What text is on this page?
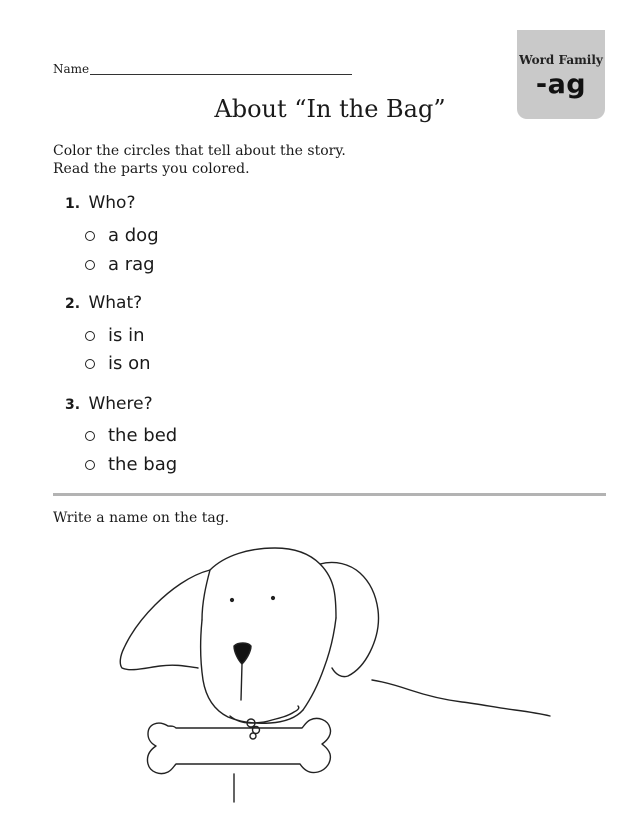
Name
Word Family
-ag
About “In the Bag”
Color the circles that tell about the story.
Read the parts you colored.
1. Who?
a dog
a rag
2. What?
is in
is on
3. Where?
the bed
the bag
Write a name on the tag.
